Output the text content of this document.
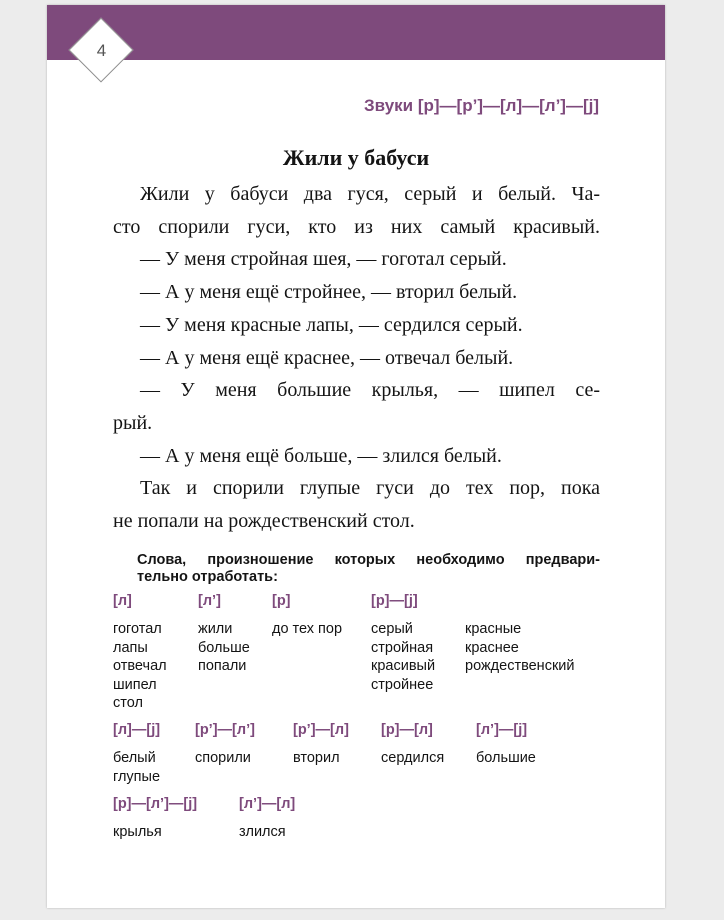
4
Звуки [р]—[р’]—[л]—[л’]—[j]
Жили у бабуси
Жили у бабуси два гуся, серый и белый. Ча-
сто спорили гуси, кто из них самый красивый.
— У меня стройная шея, — гоготал серый.
— А у меня ещё стройнее, — вторил белый.
— У меня красные лапы, — сердился серый.
— А у меня ещё краснее, — отвечал белый.
— У меня большие крылья, — шипел се-
рый.
— А у меня ещё больше, — злился белый.
Так и спорили глупые гуси до тех пор, пока
не попали на рождественский стол.
Слова, произношение которых необходимо предвари-
тельно отработать:
[л]
гоготал
лапы
отвечал
шипел
стол
[л’]
жили
больше
попали
[р]
до тех пор
[р]—[j]
серый
стройная
красивый
стройнее
красные
краснее
рождественский
[л]—[j]
белый
глупые
[р’]—[л’]
спорили
[р’]—[л]
вторил
[р]—[л]
сердился
[л’]—[j]
большие
[р]—[л’]—[j]
крылья
[л’]—[л]
злился
